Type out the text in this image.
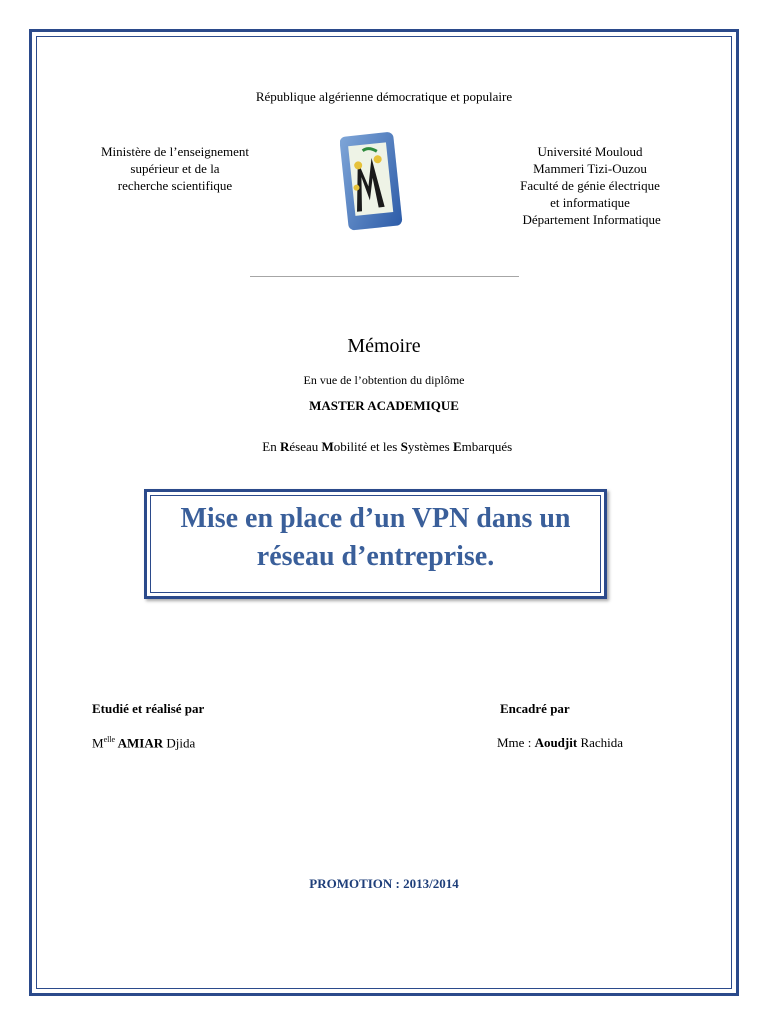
République algérienne démocratique et populaire
Ministère de l’enseignement
supérieur et de la
recherche scientifique
Université Mouloud
Mammeri Tizi-Ouzou
Faculté de génie électrique
et informatique
Département Informatique
Mémoire
En vue de l’obtention du diplôme
MASTER ACADEMIQUE

En Réseau Mobilité et les Systèmes Embarqués

Mise en place d’un VPN dans un réseau d’entreprise.
Etudié et réalisé par	Encadré par
$M^{elle}$ AMIAR Djida	Mme : Aoudjit Rachida
PROMOTION : 2013/2014
